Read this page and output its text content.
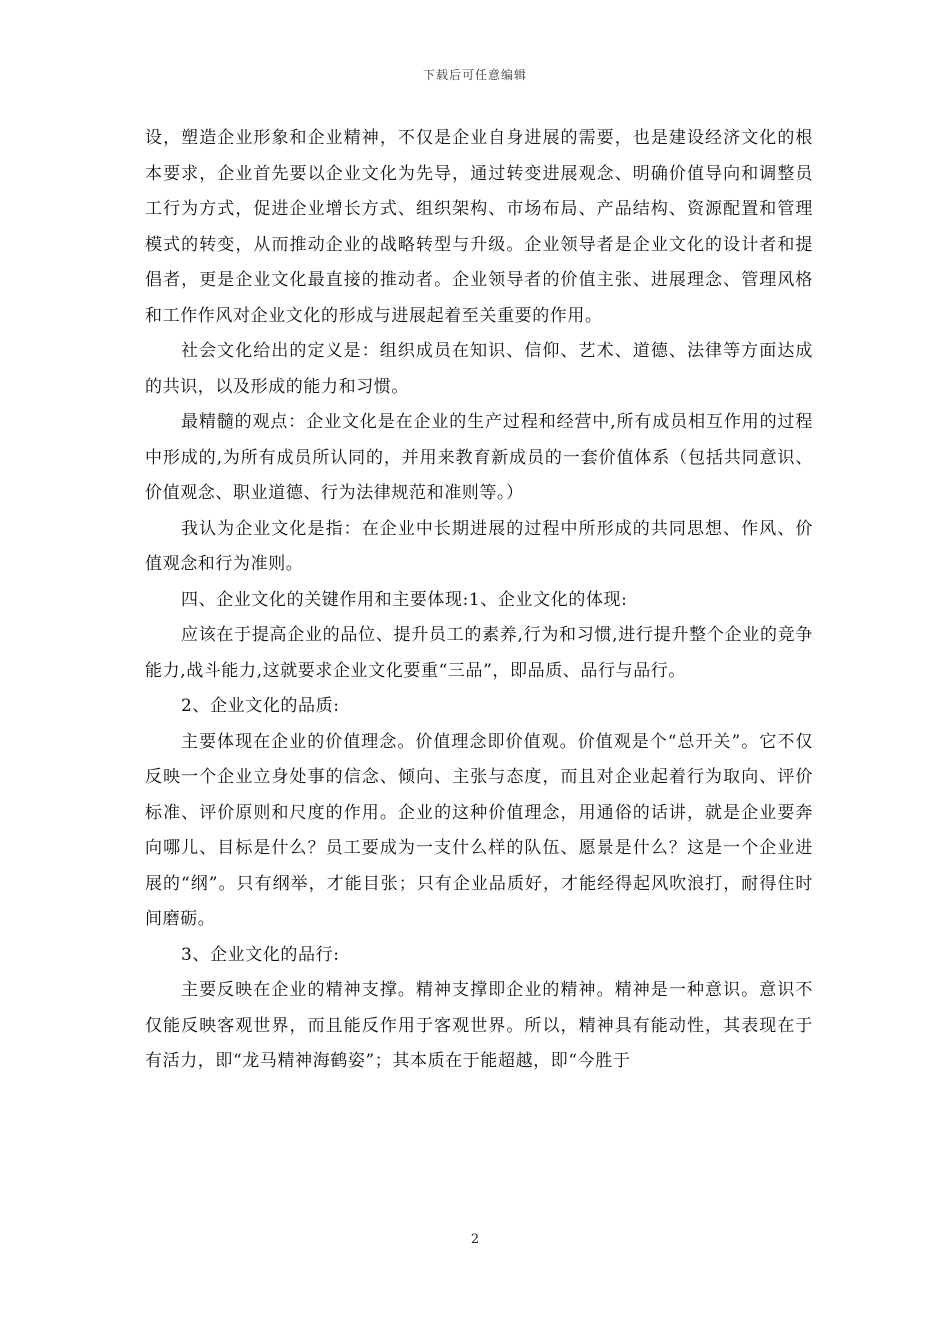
下载后可任意编辑

设，塑造企业形象和企业精神，不仅是企业自身进展的需要，也是建设经济文化的根本要求，企业首先要以企业文化为先导，通过转变进展观念、明确价值导向和调整员工行为方式，促进企业增长方式、组织架构、市场布局、产品结构、资源配置和管理模式的转变，从而推动企业的战略转型与升级。企业领导者是企业文化的设计者和提倡者，更是企业文化最直接的推动者。企业领导者的价值主张、进展理念、管理风格和工作作风对企业文化的形成与进展起着至关重要的作用。

社会文化给出的定义是：组织成员在知识、信仰、艺术、道德、法律等方面达成的共识，以及形成的能力和习惯。

最精髓的观点：企业文化是在企业的生产过程和经营中,所有成员相互作用的过程中形成的,为所有成员所认同的，并用来教育新成员的一套价值体系（包括共同意识、价值观念、职业道德、行为法律规范和准则等。）

我认为企业文化是指：在企业中长期进展的过程中所形成的共同思想、作风、价值观念和行为准则。

四、企业文化的关键作用和主要体现:1、企业文化的体现:

应该在于提高企业的品位、提升员工的素养,行为和习惯,进行提升整个企业的竞争能力,战斗能力,这就要求企业文化要重“三品”，即品质、品行与品行。

2、企业文化的品质:

主要体现在企业的价值理念。价值理念即价值观。价值观是个“总开关”。它不仅反映一个企业立身处事的信念、倾向、主张与态度，而且对企业起着行为取向、评价标准、评价原则和尺度的作用。企业的这种价值理念，用通俗的话讲，就是企业要奔向哪儿、目标是什么？员工要成为一支什么样的队伍、愿景是什么？这是一个企业进展的“纲”。只有纲举，才能目张；只有企业品质好，才能经得起风吹浪打，耐得住时间磨砺。

3、企业文化的品行:

主要反映在企业的精神支撑。精神支撑即企业的精神。精神是一种意识。意识不仅能反映客观世界，而且能反作用于客观世界。所以，精神具有能动性，其表现在于有活力，即“龙马精神海鹤姿”；其本质在于能超越，即“今胜于

2
